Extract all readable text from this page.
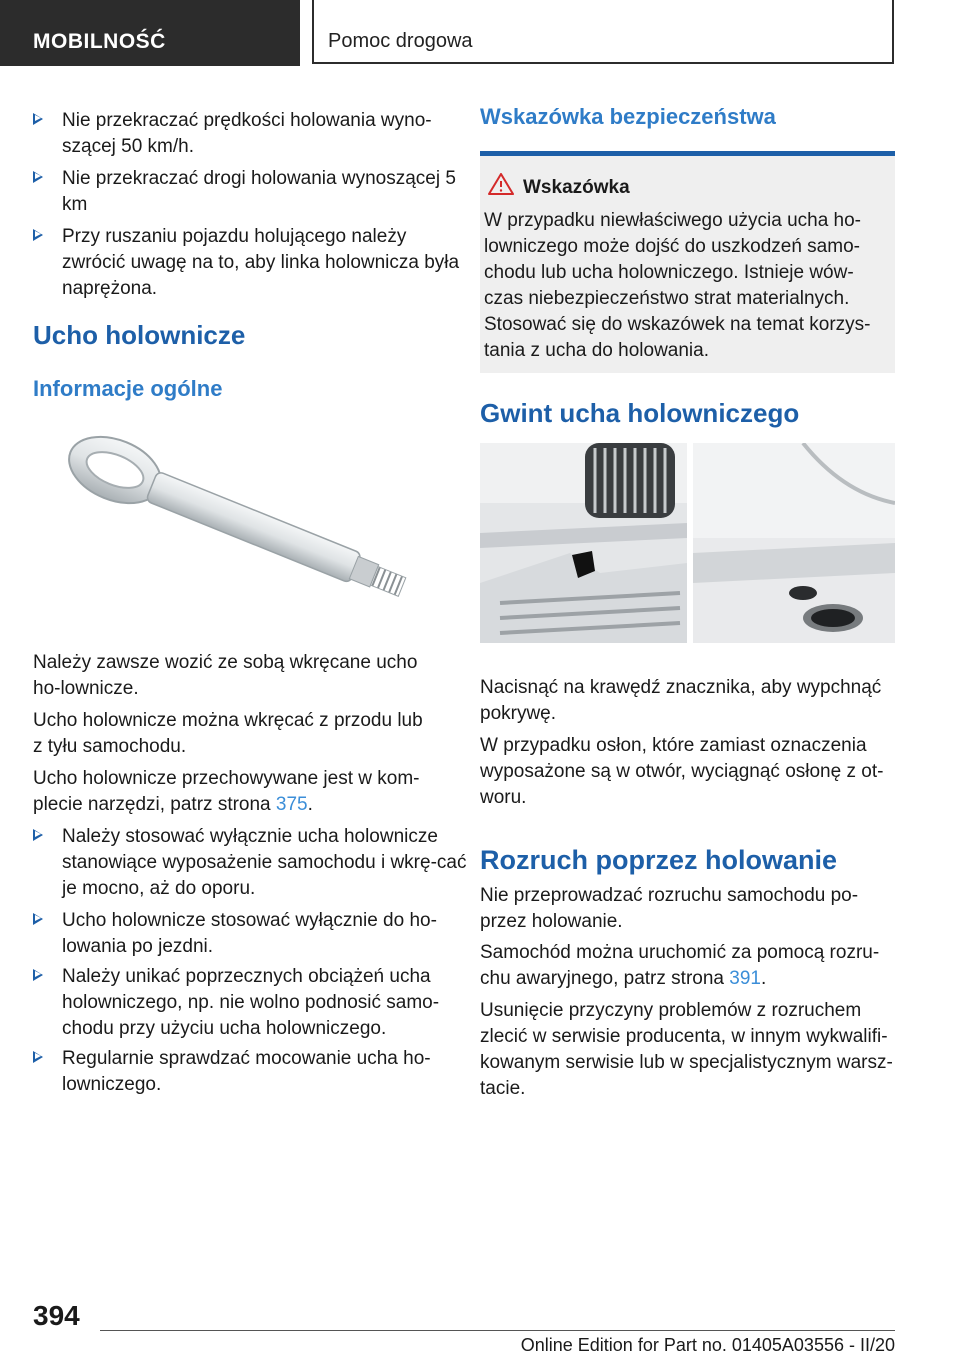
MOBILNOŚĆ	Pomoc drogowa
Nie przekraczać prędkości holowania wyno-szącej 50 km/h.
Nie przekraczać drogi holowania wynoszącej 5 km
Przy ruszaniu pojazdu holującego należy zwrócić uwagę na to, aby linka holownicza była naprężona.
Ucho holownicze
Informacje ogólne
Należy zawsze wozić ze sobą wkręcane ucho ho-lownicze.
Ucho holownicze można wkręcać z przodu lub z tyłu samochodu.
Ucho holownicze przechowywane jest w kom-plecie narzędzi, patrz strona 375.
Należy stosować wyłącznie ucha holownicze stanowiące wyposażenie samochodu i wkrę-cać je mocno, aż do oporu.
Ucho holownicze stosować wyłącznie do ho-lowania po jezdni.
Należy unikać poprzecznych obciążeń ucha holowniczego, np. nie wolno podnosić samo-chodu przy użyciu ucha holowniczego.
Regularnie sprawdzać mocowanie ucha ho-lowniczego.
Wskazówka bezpieczeństwa
Wskazówka
W przypadku niewłaściwego użycia ucha ho-lowniczego może dojść do uszkodzeń samo-chodu lub ucha holowniczego. Istnieje wów-czas niebezpieczeństwo strat materialnych. Stosować się do wskazówek na temat korzys-tania z ucha do holowania.
Gwint ucha holowniczego
Nacisnąć na krawędź znacznika, aby wypchnąć pokrywę.
W przypadku osłon, które zamiast oznaczenia wyposażone są w otwór, wyciągnąć osłonę z ot-woru.
Rozruch poprzez holowanie
Nie przeprowadzać rozruchu samochodu po-przez holowanie.
Samochód można uruchomić za pomocą rozru-chu awaryjnego, patrz strona 391.
Usunięcie przyczyny problemów z rozruchem zlecić w serwisie producenta, w innym wykwalifi-kowanym serwisie lub w specjalistycznym warsz-tacie.
394
Online Edition for Part no. 01405A03556 - II/20
